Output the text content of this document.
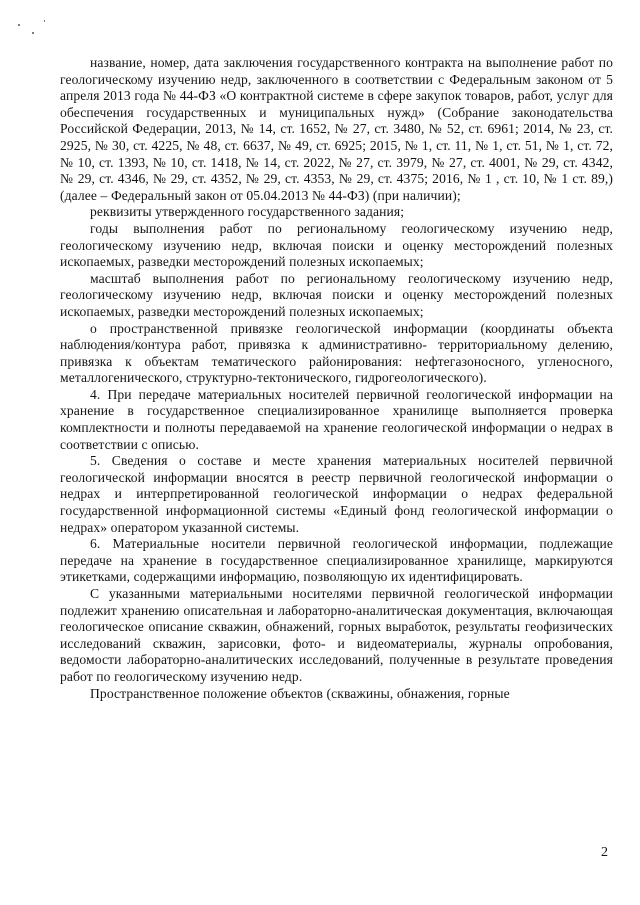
название, номер, дата заключения государственного контракта на выполнение работ по геологическому изучению недр, заключенного в соответствии с Федеральным законом от 5 апреля 2013 года № 44-ФЗ «О контрактной системе в сфере закупок товаров, работ, услуг для обеспечения государственных и муниципальных нужд» (Собрание законодательства Российской Федерации, 2013, № 14, ст. 1652, № 27, ст. 3480, № 52, ст. 6961; 2014, № 23, ст. 2925, № 30, ст. 4225, № 48, ст. 6637, № 49, ст. 6925; 2015, № 1, ст. 11, № 1, ст. 51, № 1, ст. 72, № 10, ст. 1393, № 10, ст. 1418, № 14, ст. 2022, № 27, ст. 3979, № 27, ст. 4001, № 29, ст. 4342, № 29, ст. 4346, № 29, ст. 4352, № 29, ст. 4353, № 29, ст. 4375; 2016, № 1 , ст. 10, № 1 ст. 89,) (далее – Федеральный закон от 05.04.2013 № 44-ФЗ) (при наличии);

реквизиты утвержденного государственного задания;

годы выполнения работ по региональному геологическому изучению недр, геологическому изучению недр, включая поиски и оценку месторождений полезных ископаемых, разведки месторождений полезных ископаемых;

масштаб выполнения работ по региональному геологическому изучению недр, геологическому изучению недр, включая поиски и оценку месторождений полезных ископаемых, разведки месторождений полезных ископаемых;

о пространственной привязке геологической информации (координаты объекта наблюдения/контура работ, привязка к административно- территориальному делению, привязка к объектам тематического районирования: нефтегазоносного, угленосного, металлогенического, структурно-тектонического, гидрогеологического).

4. При передаче материальных носителей первичной геологической информации на хранение в государственное специализированное хранилище выполняется проверка комплектности и полноты передаваемой на хранение геологической информации о недрах в соответствии с описью.

5. Сведения о составе и месте хранения материальных носителей первичной геологической информации вносятся в реестр первичной геологической информации о недрах и интерпретированной геологической информации о недрах федеральной государственной информационной системы «Единый фонд геологической информации о недрах» оператором указанной системы.

6. Материальные носители первичной геологической информации, подлежащие передаче на хранение в государственное специализированное хранилище, маркируются этикетками, содержащими информацию, позволяющую их идентифицировать.

С указанными материальными носителями первичной геологической информации подлежит хранению описательная и лабораторно-аналитическая документация, включающая геологическое описание скважин, обнажений, горных выработок, результаты геофизических исследований скважин, зарисовки, фото- и видеоматериалы, журналы опробования, ведомости лабораторно-аналитических исследований, полученные в результате проведения работ по геологическому изучению недр.

Пространственное положение объектов (скважины, обнажения, горные

2
